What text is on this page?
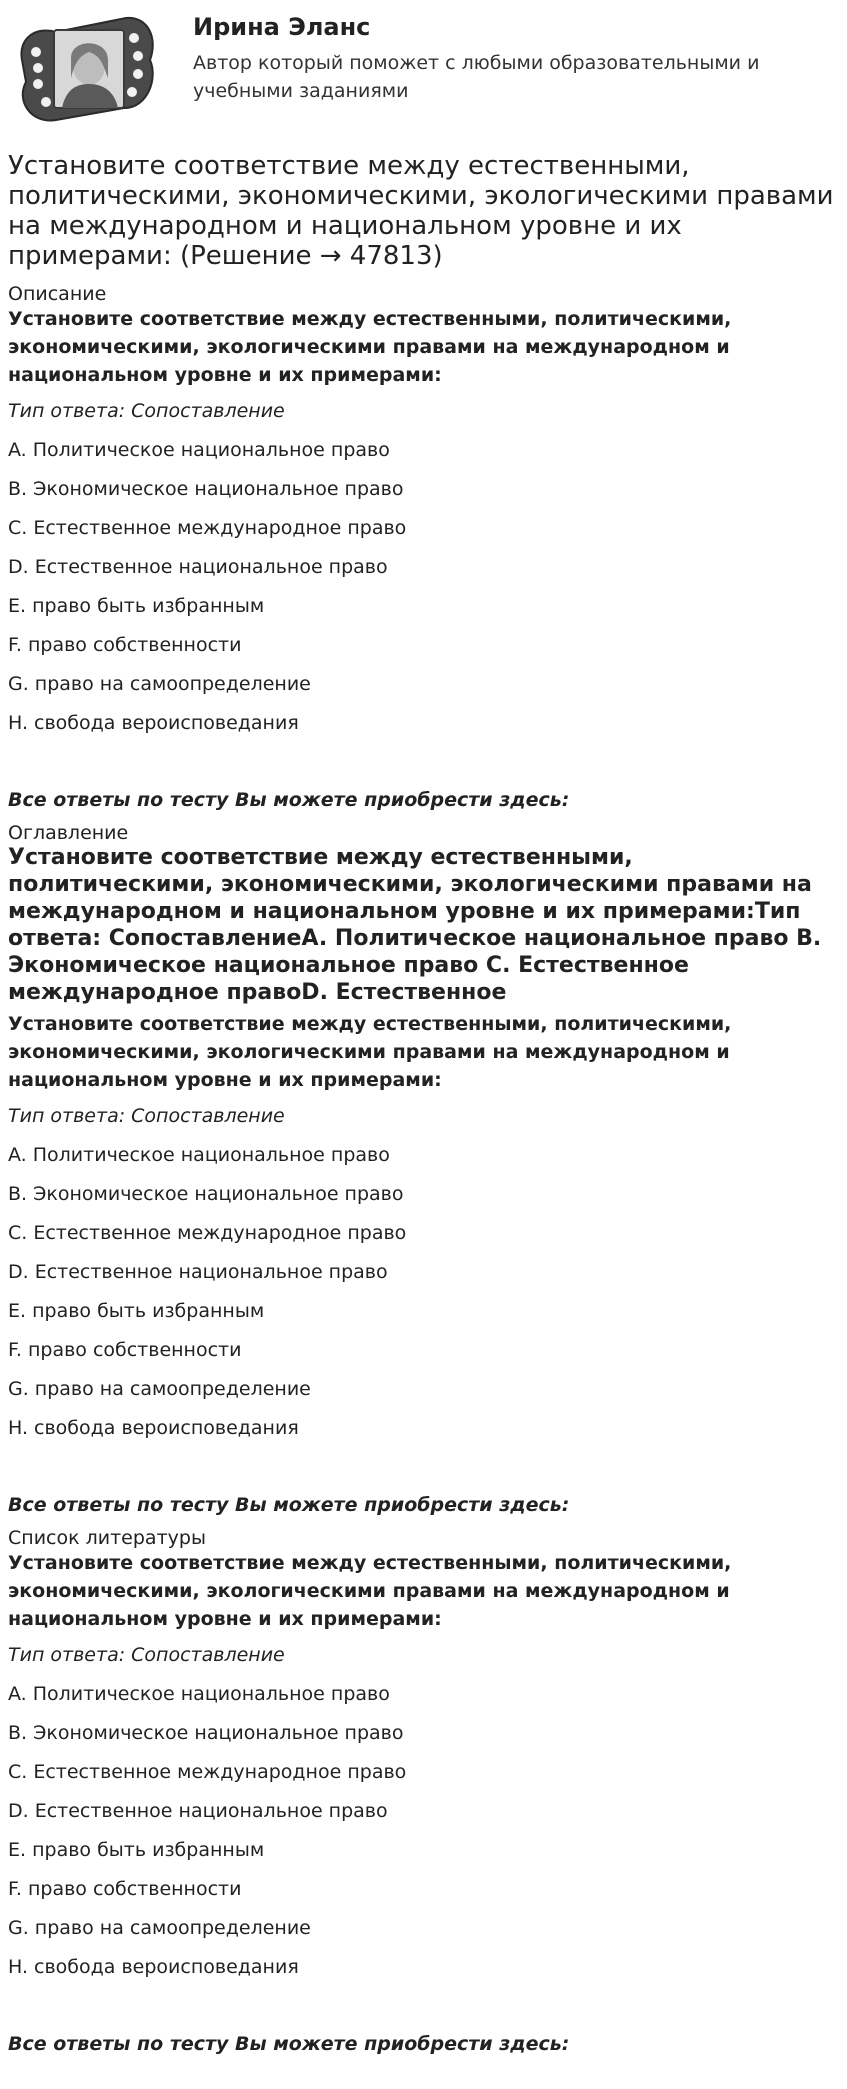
Ирина Эланс
Автор который поможет с любыми образовательными и учебными заданиями
Установите соответствие между естественными, политическими, экономическими, экологическими правами на международном и национальном уровне и их примерами: (Решение → 47813)
Описание
Установите соответствие между естественными, политическими, экономическими, экологическими правами на международном и национальном уровне и их примерами:
Тип ответа: Сопоставление
A. Политическое национальное право
B. Экономическое национальное право
C. Естественное международное право
D. Естественное национальное право
E. право быть избранным
F. право собственности
G. право на самоопределение
H. свобода вероисповедания
Все ответы по тесту Вы можете приобрести здесь:
Оглавление
Установите соответствие между естественными, политическими, экономическими, экологическими правами на международном и национальном уровне и их примерами:Тип ответа: СопоставлениеA. Политическое национальное право B. Экономическое национальное право C. Естественное международное правоD. Естественное
Установите соответствие между естественными, политическими, экономическими, экологическими правами на международном и национальном уровне и их примерами:
Тип ответа: Сопоставление
A. Политическое национальное право
B. Экономическое национальное право
C. Естественное международное право
D. Естественное национальное право
E. право быть избранным
F. право собственности
G. право на самоопределение
H. свобода вероисповедания
Все ответы по тесту Вы можете приобрести здесь:
Список литературы
Установите соответствие между естественными, политическими, экономическими, экологическими правами на международном и национальном уровне и их примерами:
Тип ответа: Сопоставление
A. Политическое национальное право
B. Экономическое национальное право
C. Естественное международное право
D. Естественное национальное право
E. право быть избранным
F. право собственности
G. право на самоопределение
H. свобода вероисповедания
Все ответы по тесту Вы можете приобрести здесь:
